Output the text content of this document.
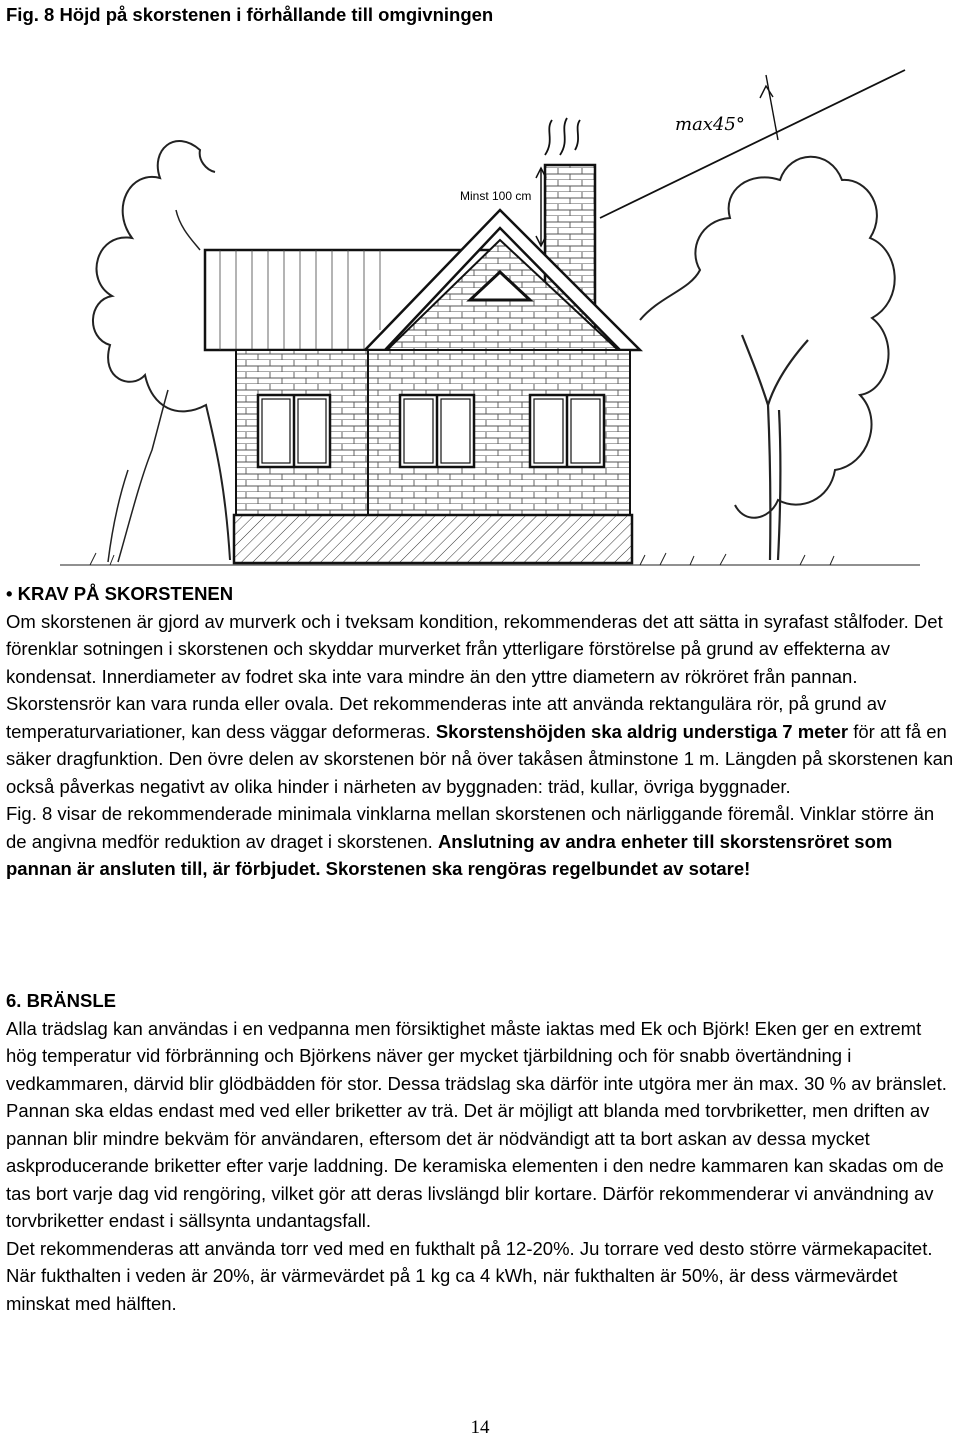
Fig. 8 Höjd på skorstenen i förhållande till omgivningen
Minst 100 cm
max45°

• KRAV PÅ SKORSTENEN

Om skorstenen är gjord av murverk och i tveksam kondition, rekommenderas det att sätta in syrafast stålfoder. Det förenklar sotningen i skorstenen och skyddar murverket från ytterligare förstörelse på grund av effekterna av kondensat. Innerdiameter av fodret ska inte vara mindre än den yttre diametern av rökröret från pannan. Skorstensrör kan vara runda eller ovala. Det rekommenderas inte att använda rektangulära rör, på grund av temperaturvariationer, kan dess väggar deformeras. Skorstenshöjden ska aldrig understiga 7 meter för att få en säker dragfunktion. Den övre delen av skorstenen bör nå över takåsen åtminstone 1 m. Längden på skorstenen kan också påverkas negativt av olika hinder i närheten av byggnaden: träd, kullar, övriga byggnader.

Fig. 8 visar de rekommenderade minimala vinklarna mellan skorstenen och närliggande föremål. Vinklar större än de angivna medför reduktion av draget i skorstenen. Anslutning av andra enheter till skorstensröret som pannan är ansluten till, är förbjudet. Skorstenen ska rengöras regelbundet av sotare!

6. BRÄNSLE

Alla trädslag kan användas i en vedpanna men försiktighet måste iaktas med Ek och Björk! Eken ger en extremt hög temperatur vid förbränning och Björkens näver ger mycket tjärbildning och för snabb övertändning i vedkammaren, därvid blir glödbädden för stor. Dessa trädslag ska därför inte utgöra mer än max. 30 % av bränslet.

Pannan ska eldas endast med ved eller briketter av trä. Det är möjligt att blanda med torvbriketter, men driften av pannan blir mindre bekväm för användaren, eftersom det är nödvändigt att ta bort askan av dessa mycket askproducerande briketter efter varje laddning. De keramiska elementen i den nedre kammaren kan skadas om de tas bort varje dag vid rengöring, vilket gör att deras livslängd blir kortare. Därför rekommenderar vi användning av torvbriketter endast i sällsynta undantagsfall.

Det rekommenderas att använda torr ved med en fukthalt på 12-20%. Ju torrare ved desto större värmekapacitet. När fukthalten i veden är 20%, är värmevärdet på 1 kg ca 4 kWh, när fukthalten är 50%, är dess värmevärdet minskat med hälften.

14
